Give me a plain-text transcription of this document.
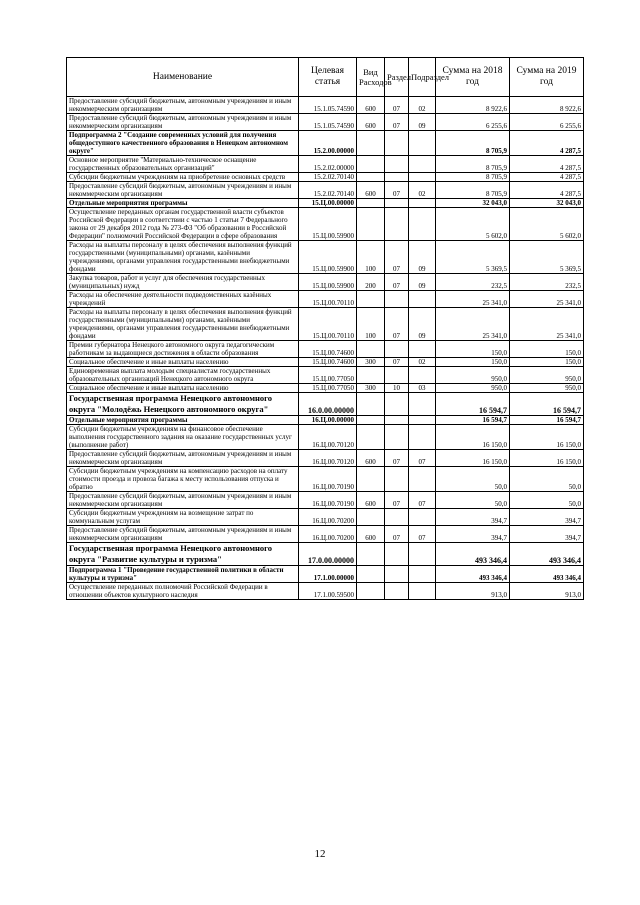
Наименование	Целевая статья	Вид Расходов	Раздел	Подраздел	Сумма на 2018 год	Сумма на 2019 год
Предоставление субсидий бюджетным, автономным учреждениям и иным некоммерческим организациям	15.1.05.74590	600	07	02	8 922,6	8 922,6
Предоставление субсидий бюджетным, автономным учреждениям и иным некоммерческим организациям	15.1.05.74590	600	07	09	6 255,6	6 255,6
Подпрограмма 2 "Создание современных условий для получения общедоступного качественного образования в Ненецком автономном округе"	15.2.00.00000				8 705,9	4 287,5
Основное мероприятие "Материально-техническое оснащение государственных образовательных организаций"	15.2.02.00000				8 705,9	4 287,5
Субсидии бюджетным учреждениям на приобретение основных средств	15.2.02.70140				8 705,9	4 287,5
Предоставление субсидий бюджетным, автономным учреждениям и иным некоммерческим организациям	15.2.02.70140	600	07	02	8 705,9	4 287,5
Отдельные мероприятия программы	15.Ц.00.00000				32 043,0	32 043,0
Осуществление переданных органам государственной власти субъектов Российской Федерации в соответствии с частью 1 статьи 7 Федерального закона от 29 декабря 2012 года № 273-ФЗ "Об образовании в Российской Федерации" полномочий Российской Федерации в сфере образования	15.Ц.00.59900				5 602,0	5 602,0
Расходы на выплаты персоналу в целях обеспечения выполнения функций государственными (муниципальными) органами, казёнными учреждениями, органами управления государственными внебюджетными фондами	15.Ц.00.59900	100	07	09	5 369,5	5 369,5
Закупка товаров, работ и услуг для обеспечения государственных (муниципальных) нужд	15.Ц.00.59900	200	07	09	232,5	232,5
Расходы на обеспечение деятельности подведомственных казённых учреждений	15.Ц.00.70110				25 341,0	25 341,0
Расходы на выплаты персоналу в целях обеспечения выполнения функций государственными (муниципальными) органами, казёнными учреждениями, органами управления государственными внебюджетными фондами	15.Ц.00.70110	100	07	09	25 341,0	25 341,0
Премии губернатора Ненецкого автономного округа педагогическим работникам за выдающиеся достижения в области образования	15.Ц.00.74600				150,0	150,0
Социальное обеспечение и иные выплаты населению	15.Ц.00.74600	300	07	02	150,0	150,0
Единовременная выплата молодым специалистам государственных образовательных организаций Ненецкого автономного округа	15.Ц.00.77050				950,0	950,0
Социальное обеспечение и иные выплаты населению	15.Ц.00.77050	300	10	03	950,0	950,0
Государственная программа Ненецкого автономного округа "Молодёжь Ненецкого автономного округа"	16.0.00.00000				16 594,7	16 594,7
Отдельные мероприятия программы	16.Ц.00.00000				16 594,7	16 594,7
Субсидии бюджетным учреждениям на финансовое обеспечение выполнения государственного задания на оказание государственных услуг (выполнение работ)	16.Ц.00.70120				16 150,0	16 150,0
Предоставление субсидий бюджетным, автономным учреждениям и иным некоммерческим организациям	16.Ц.00.70120	600	07	07	16 150,0	16 150,0
Субсидии бюджетным учреждениям на компенсацию расходов на оплату стоимости проезда и провоза багажа к месту использования отпуска и обратно	16.Ц.00.70190				50,0	50,0
Предоставление субсидий бюджетным, автономным учреждениям и иным некоммерческим организациям	16.Ц.00.70190	600	07	07	50,0	50,0
Субсидии бюджетным учреждениям на возмещение затрат по коммунальным услугам	16.Ц.00.70200				394,7	394,7
Предоставление субсидий бюджетным, автономным учреждениям и иным некоммерческим организациям	16.Ц.00.70200	600	07	07	394,7	394,7
Государственная программа Ненецкого автономного округа "Развитие культуры и туризма"	17.0.00.00000				493 346,4	493 346,4
Подпрограмма 1 "Проведение государственной политики в области культуры и туризма"	17.1.00.00000				493 346,4	493 346,4
Осуществление переданных полномочий Российской Федерации в отношении объектов культурного наследия	17.1.00.59500				913,0	913,0
12
